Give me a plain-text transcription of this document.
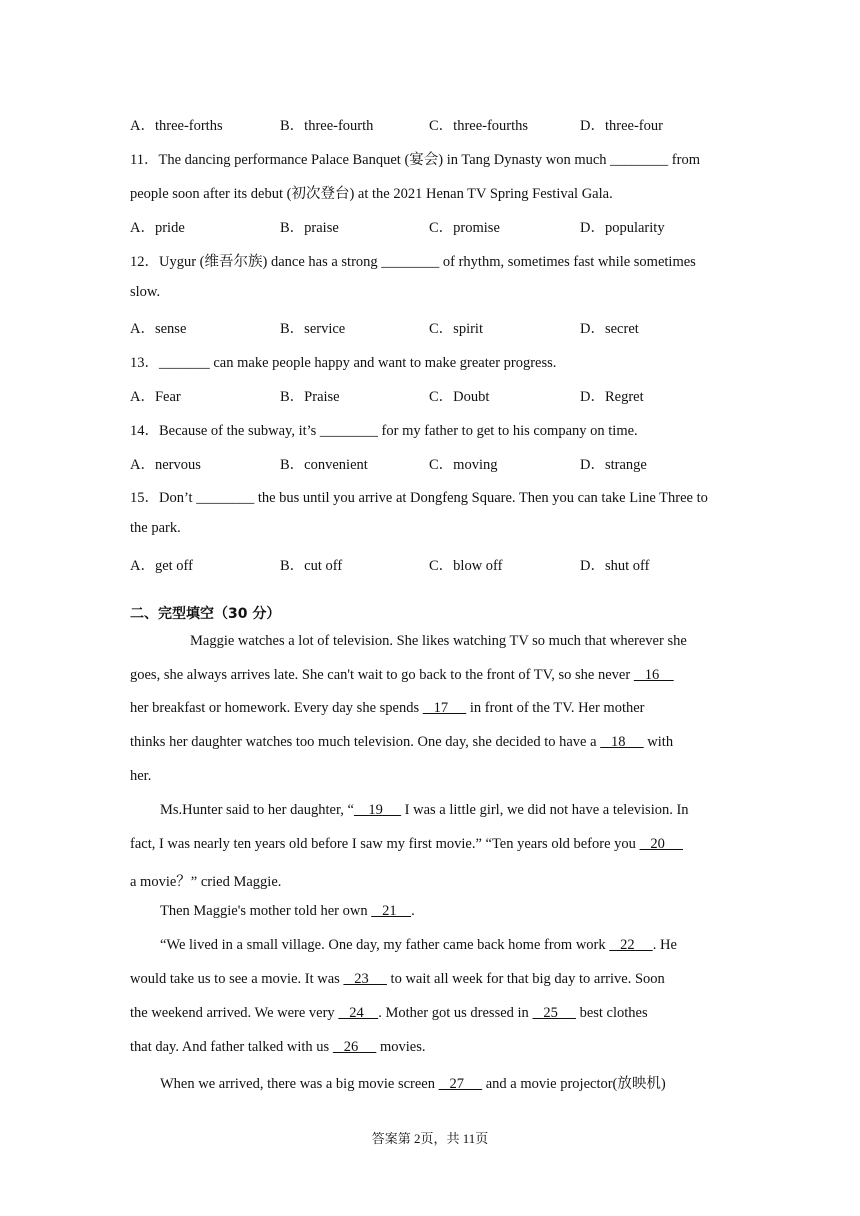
A．three-forths	B．three-fourth	C．three-fourths	D．three-four
11．The dancing performance Palace Banquet (宴会) in Tang Dynasty won much ________ from
people soon after its debut (初次登台) at the 2021 Henan TV Spring Festival Gala.
A．pride	B．praise	C．promise	D．popularity
12．Uygur (维吾尔族) dance has a strong ________ of rhythm, sometimes fast while sometimes
slow.
A．sense	B．service	C．spirit	D．secret
13．_______ can make people happy and want to make greater progress.
A．Fear	B．Praise	C．Doubt	D．Regret
14．Because of the subway, it’s ________ for my father to get to his company on time.
A．nervous	B．convenient	C．moving	D．strange
15．Don’t ________ the bus until you arrive at Dongfeng Square. Then you can take Line Three to
the park.
A．get off	B．cut off	C．blow off	D．shut off
二、完型填空（30 分）
Maggie watches a lot of television. She likes watching TV so much that wherever she
goes, she always arrives late. She can't wait to go back to the front of TV, so she never    16
her breakfast or homework. Every day she spends    17      in front of the TV. Her mother
thinks her daughter watches too much television. One day, she decided to have a    18      with
her.
Ms.Hunter said to her daughter, “    19      I was a little girl, we did not have a television. In
fact, I was nearly ten years old before I saw my first movie.” “Ten years old before you    20
a movie？” cried Maggie.
Then Maggie's mother told her own    21    .
“We lived in a small village. One day, my father came back home from work    22     . He
would take us to see a movie. It was    23      to wait all week for that big day to arrive. Soon
the weekend arrived. We were very    24    . Mother got us dressed in    25      best clothes
that day. And father talked with us    26      movies.
When we arrived, there was a big movie screen    27      and a movie projector(放映机)
答案第 2页，共 11页
